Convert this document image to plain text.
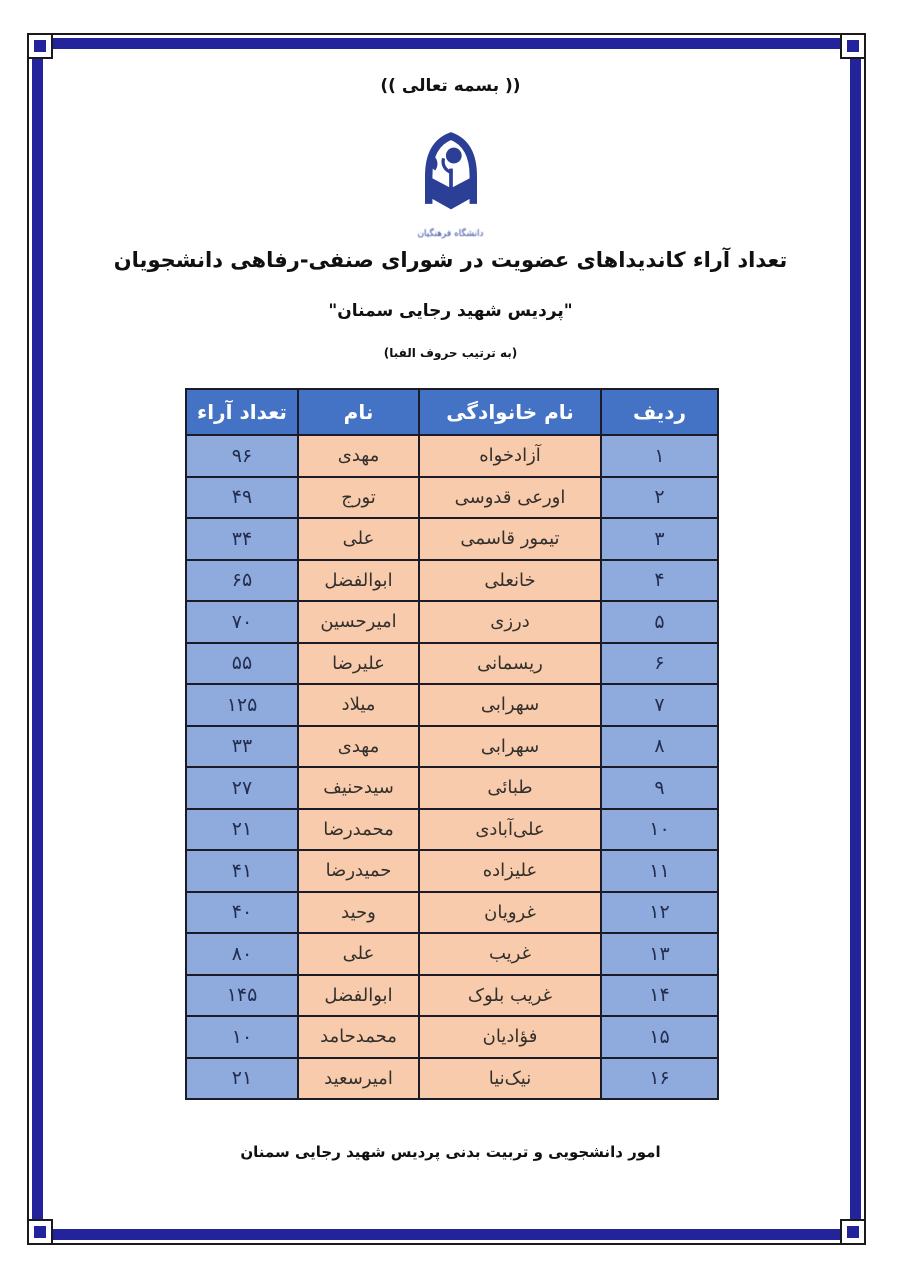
(( بسمه تعالی ))
دانشگاه فرهنگیان
تعداد آراء کاندیداهای عضویت در شورای صنفی-رفاهی دانشجویان
"پردیس شهید رجایی سمنان"
(به ترتیب حروف الفبا)
ردیف	نام خانوادگی	نام	تعداد آراء
۱	آزادخواه	مهدی	۹۶
۲	اورعی قدوسی	تورج	۴۹
۳	تیمور قاسمی	علی	۳۴
۴	خانعلی	ابوالفضل	۶۵
۵	درزی	امیرحسین	۷۰
۶	ریسمانی	علیرضا	۵۵
۷	سهرابی	میلاد	۱۲۵
۸	سهرابی	مهدی	۳۳
۹	طبائی	سیدحنیف	۲۷
۱۰	علی‌آبادی	محمدرضا	۲۱
۱۱	علیزاده	حمیدرضا	۴۱
۱۲	غرویان	وحید	۴۰
۱۳	غریب	علی	۸۰
۱۴	غریب بلوک	ابوالفضل	۱۴۵
۱۵	فؤادیان	محمدحامد	۱۰
۱۶	نیک‌نیا	امیرسعید	۲۱
امور دانشجویی و تربیت بدنی پردیس شهید رجایی سمنان
